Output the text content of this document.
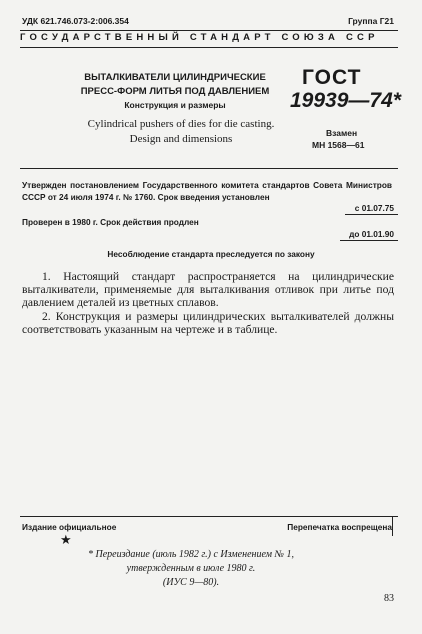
УДК 621.746.073-2:006.354	Группа Г21
ГОСУДАРСТВЕННЫЙ СТАНДАРТ СОЮЗА ССР
ВЫТАЛКИВАТЕЛИ ЦИЛИНДРИЧЕСКИЕ
ПРЕСС-ФОРМ ЛИТЬЯ ПОД ДАВЛЕНИЕМ
Конструкция и размеры
Cylindrical pushers of dies for die casting.
Design and dimensions
ГОСТ
19939—74*
Взамен
МН 1568—61
Утвержден постановлением Государственного комитета стандартов Совета Министров СССР от 24 июля 1974 г. № 1760. Срок введения установлен
с 01.07.75
Проверен в 1980 г. Срок действия продлен
до 01.01.90
Несоблюдение стандарта преследуется по закону

1. Настоящий стандарт распространяется на цилиндрические выталкиватели, применяемые для выталкивания отливок при литье под давлением деталей из цветных сплавов.

2. Конструкция и размеры цилиндрических выталкивателей должны соответствовать указанным на чертеже и в таблице.

Издание официальное	Перепечатка воспрещена
★
* Переиздание (июль 1982 г.) с Изменением № 1,
утвержденным в июле 1980 г.
(ИУС 9—80).
83
